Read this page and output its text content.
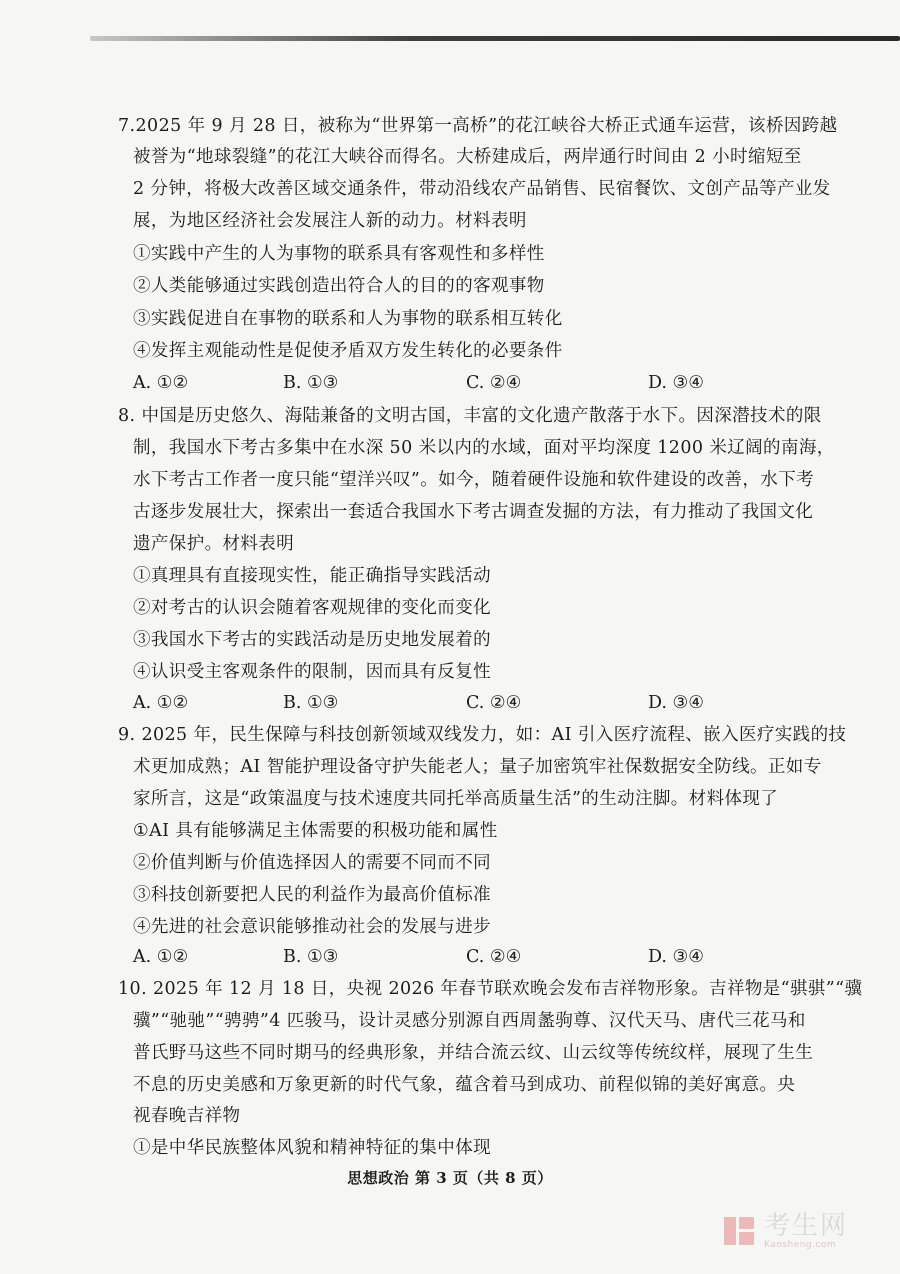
7.2025 年 9 月 28 日，被称为“世界第一高桥”的花江峡谷大桥正式通车运营，该桥因跨越
被誉为“地球裂缝”的花江大峡谷而得名。大桥建成后，两岸通行时间由 2 小时缩短至
2 分钟，将极大改善区域交通条件，带动沿线农产品销售、民宿餐饮、文创产品等产业发
展，为地区经济社会发展注人新的动力。材料表明
①实践中产生的人为事物的联系具有客观性和多样性
②人类能够通过实践创造出符合人的目的的客观事物
③实践促进自在事物的联系和人为事物的联系相互转化
④发挥主观能动性是促使矛盾双方发生转化的必要条件
A. ①②	B. ①③	C. ②④	D. ③④
8. 中国是历史悠久、海陆兼备的文明古国，丰富的文化遗产散落于水下。因深潜技术的限
制，我国水下考古多集中在水深 50 米以内的水域，面对平均深度 1200 米辽阔的南海，
水下考古工作者一度只能“望洋兴叹”。如今，随着硬件设施和软件建设的改善，水下考
古逐步发展壮大，探索出一套适合我国水下考古调查发掘的方法，有力推动了我国文化
遗产保护。材料表明
①真理具有直接现实性，能正确指导实践活动
②对考古的认识会随着客观规律的变化而变化
③我国水下考古的实践活动是历史地发展着的
④认识受主客观条件的限制，因而具有反复性
A. ①②	B. ①③	C. ②④	D. ③④
9. 2025 年，民生保障与科技创新领域双线发力，如：AI 引入医疗流程、嵌入医疗实践的技
术更加成熟；AI 智能护理设备守护失能老人；量子加密筑牢社保数据安全防线。正如专
家所言，这是“政策温度与技术速度共同托举高质量生活”的生动注脚。材料体现了
①AI 具有能够满足主体需要的积极功能和属性
②价值判断与价值选择因人的需要不同而不同
③科技创新要把人民的利益作为最高价值标准
④先进的社会意识能够推动社会的发展与进步
A. ①②	B. ①③	C. ②④	D. ③④
10. 2025 年 12 月 18 日，央视 2026 年春节联欢晚会发布吉祥物形象。吉祥物是“骐骐”“骥
骥”“驰驰”“骋骋”4 匹骏马，设计灵感分别源自西周盠驹尊、汉代天马、唐代三花马和
普氏野马这些不同时期马的经典形象，并结合流云纹、山云纹等传统纹样，展现了生生
不息的历史美感和万象更新的时代气象，蕴含着马到成功、前程似锦的美好寓意。央
视春晚吉祥物
①是中华民族整体风貌和精神特征的集中体现
思想政治 第 3 页（共 8 页）
考生网
Kaosheng.com
